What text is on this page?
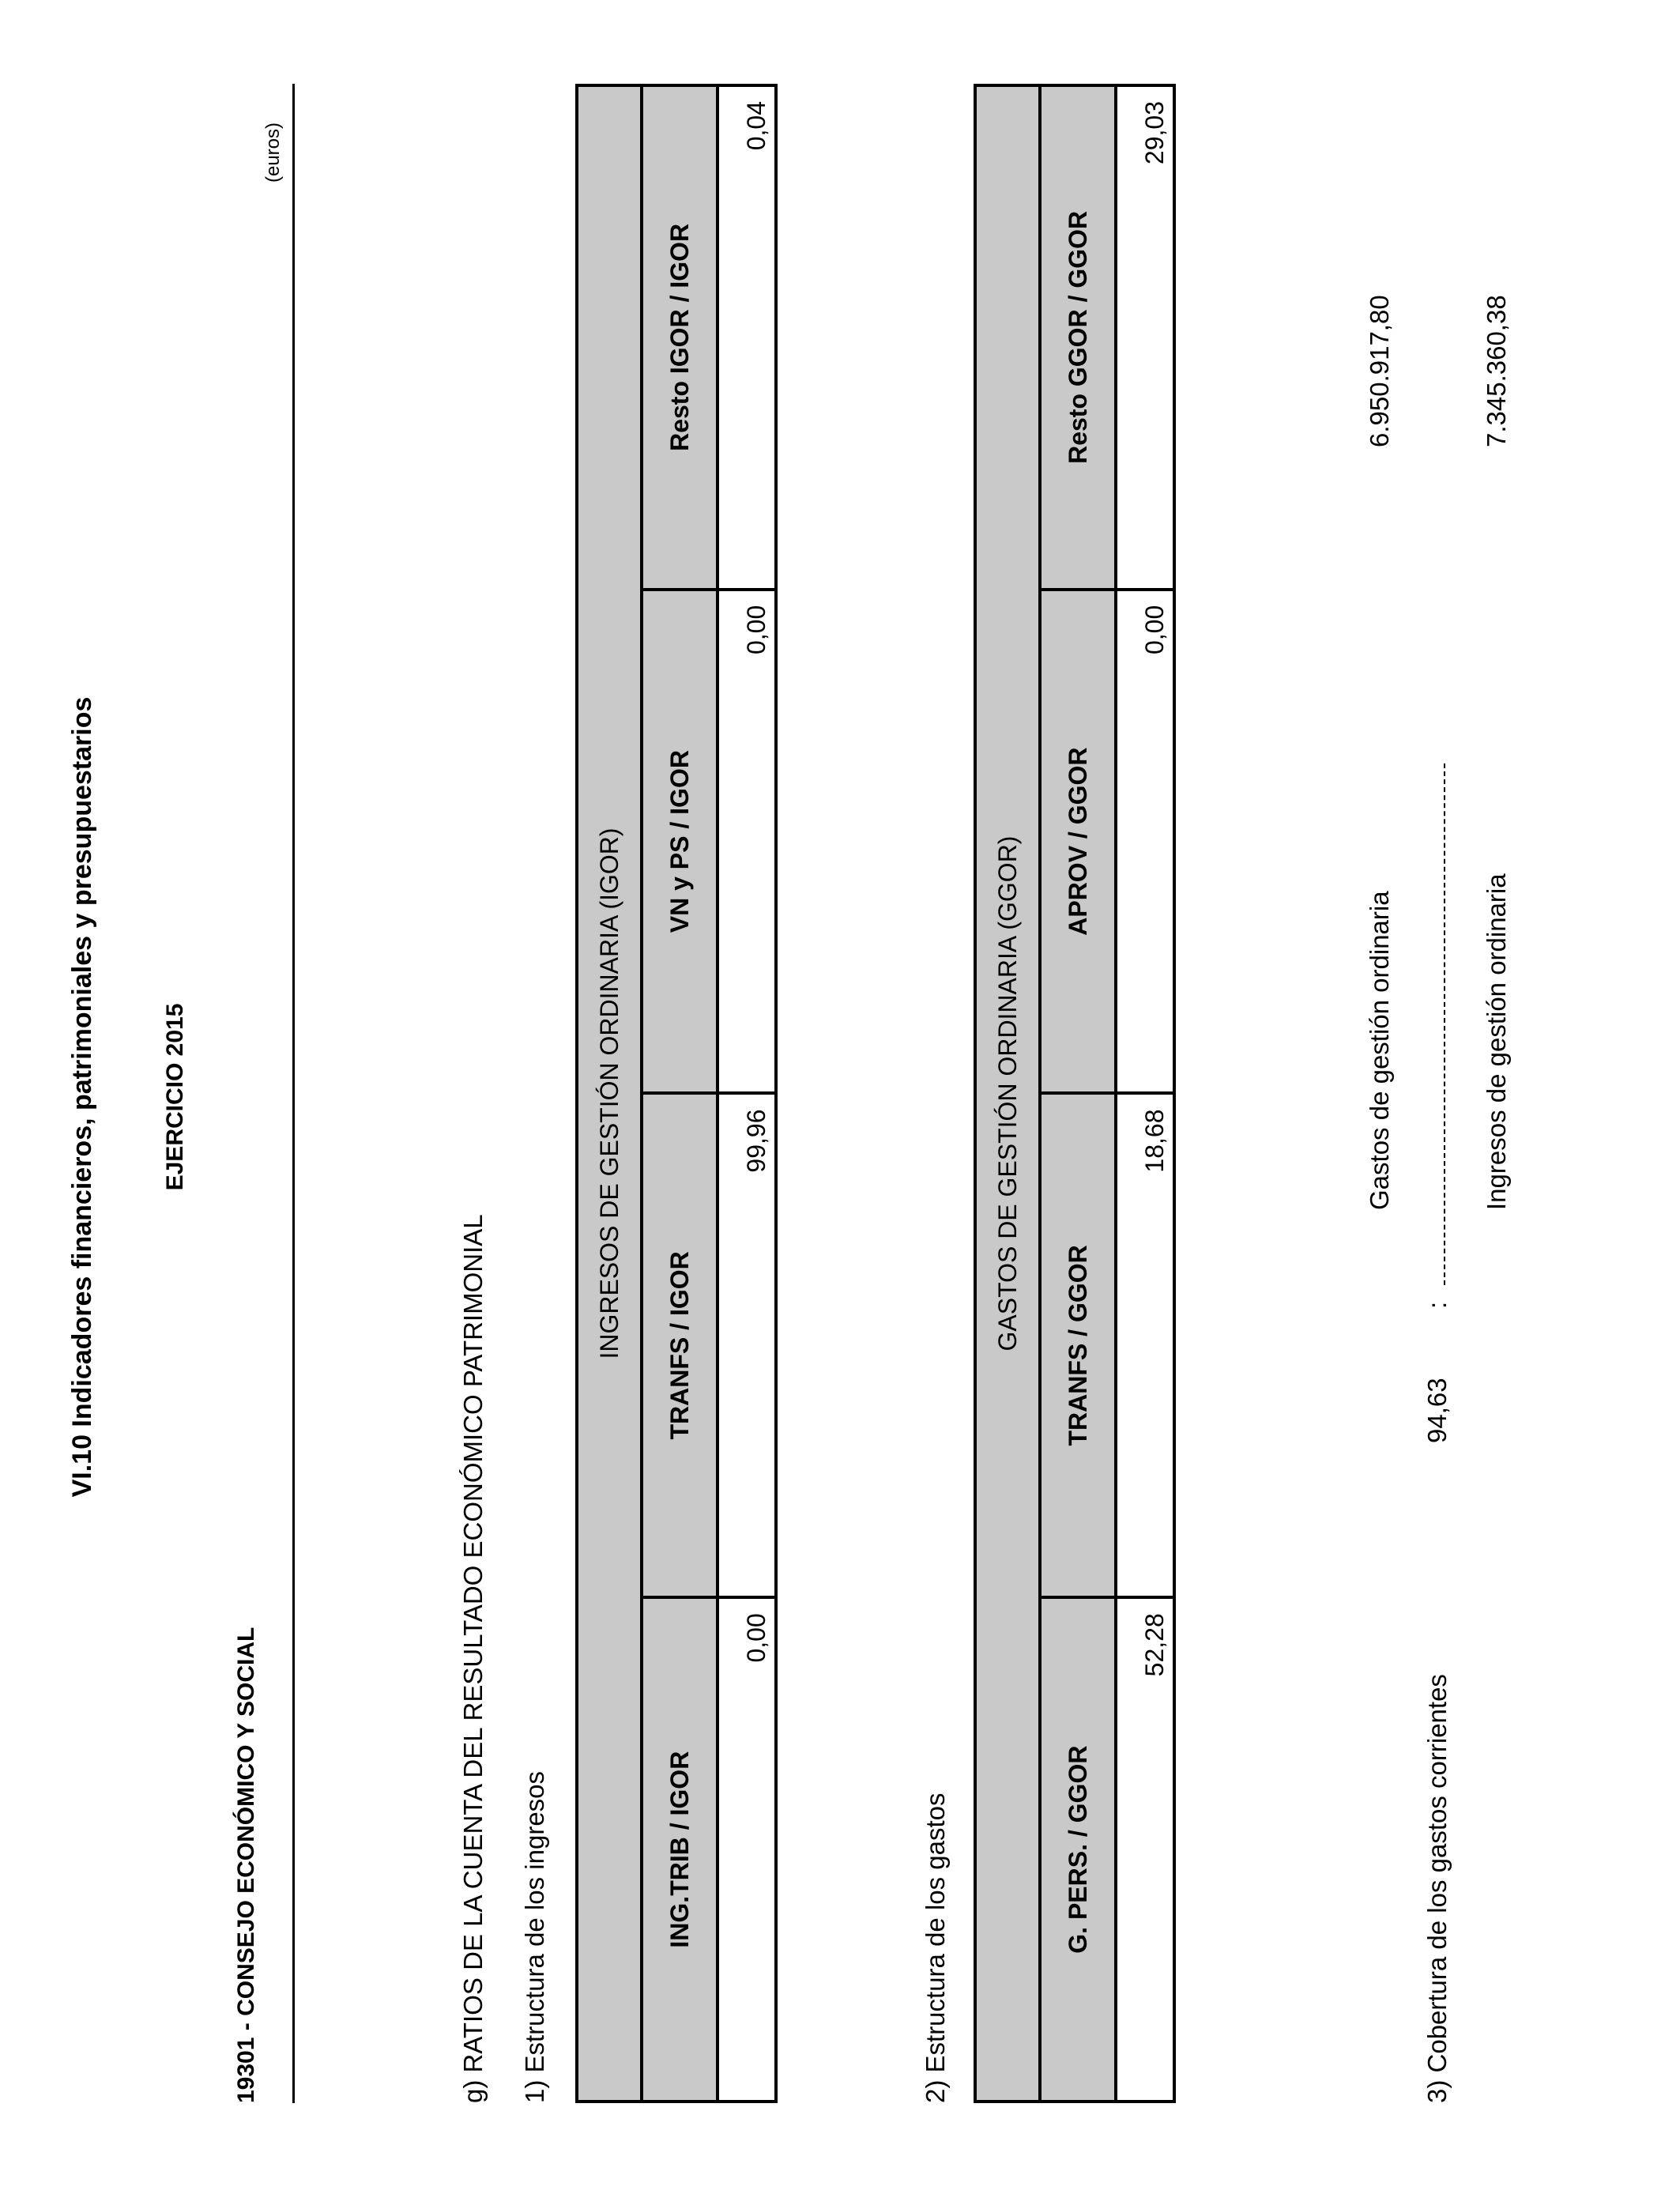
VI.10 Indicadores financieros, patrimoniales y presupuestarios	EJERCICIO 2015
19301 - CONSEJO ECONÓMICO Y SOCIAL
(euros)
g) RATIOS DE LA CUENTA DEL RESULTADO ECONÓMICO PATRIMONIAL 1) Estructura de los ingresos
INGRESOS DE GESTIÓN ORDINARIA (IGOR)			
ING.TRIB / IGOR	TRANFS / IGOR	VN y PS / IGOR	Resto IGOR / IGOR
0,00	99,96	0,00	0,04
2) Estructura de los gastos
GASTOS DE GESTIÓN ORDINARIA (GGOR)			
G. PERS. / GGOR	TRANFS / GGOR	APROV / GGOR	Resto GGOR / GGOR
52,28	18,68	0,00	29,03
3) Cobertura de los gastos corrientes
94,63
:
Gastos de gestión ordinaria	Ingresos de gestión ordinaria
6.950.917,80	7.345.360,38
